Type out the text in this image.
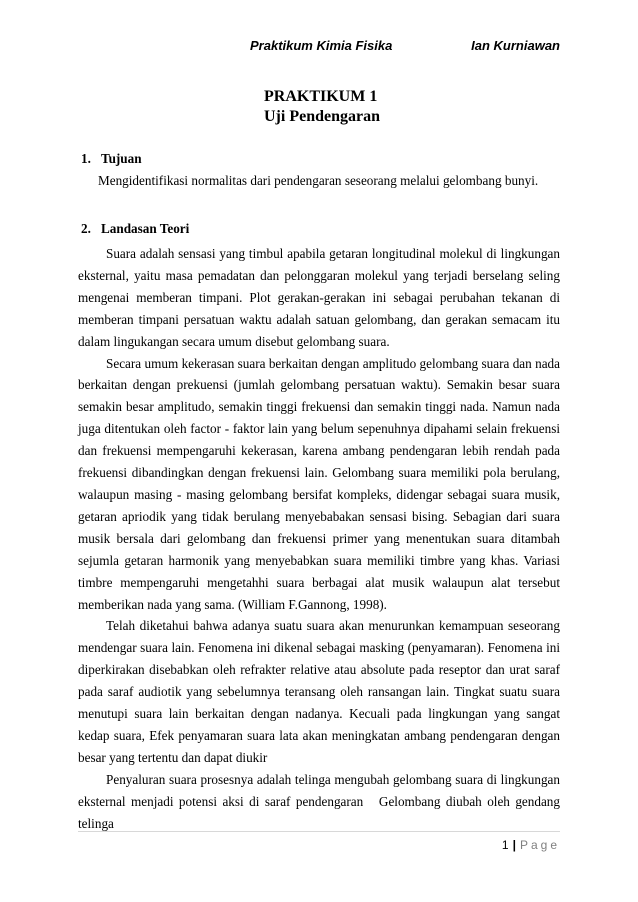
Praktikum Kimia Fisika	Ian Kurniawan
PRAKTIKUM 1
Uji Pendengaran

1. Tujuan

Mengidentifikasi normalitas dari pendengaran seseorang melalui gelombang bunyi.

2. Landasan Teori

Suara adalah sensasi yang timbul apabila getaran longitudinal molekul di lingkungan eksternal, yaitu masa pemadatan dan pelonggaran molekul yang terjadi berselang seling mengenai memberan timpani. Plot gerakan-gerakan ini sebagai perubahan tekanan di memberan timpani persatuan waktu adalah satuan gelombang, dan gerakan semacam itu dalam lingukangan secara umum disebut gelombang suara.

Secara umum kekerasan suara berkaitan dengan amplitudo gelombang suara dan nada berkaitan dengan prekuensi (jumlah gelombang persatuan waktu). Semakin besar suara semakin besar amplitudo, semakin tinggi frekuensi dan semakin tinggi nada. Namun nada juga ditentukan oleh factor - faktor lain yang belum sepenuhnya dipahami selain frekuensi dan frekuensi mempengaruhi kekerasan, karena ambang pendengaran lebih rendah pada frekuensi dibandingkan dengan frekuensi lain. Gelombang suara memiliki pola berulang, walaupun masing - masing gelombang bersifat kompleks, didengar sebagai suara musik, getaran apriodik yang tidak berulang menyebabakan sensasi bising. Sebagian dari suara musik bersala dari gelombang dan frekuensi primer yang menentukan suara ditambah sejumla getaran harmonik yang menyebabkan suara memiliki timbre yang khas. Variasi timbre mempengaruhi mengetahhi suara berbagai alat musik walaupun alat tersebut memberikan nada yang sama. (William F.Gannong, 1998).

Telah diketahui bahwa adanya suatu suara akan menurunkan kemampuan seseorang mendengar suara lain. Fenomena ini dikenal sebagai masking (penyamaran). Fenomena ini diperkirakan disebabkan oleh refrakter relative atau absolute pada reseptor dan urat saraf pada saraf audiotik yang sebelumnya teransang oleh ransangan lain. Tingkat suatu suara menutupi suara lain berkaitan dengan nadanya. Kecuali pada lingkungan yang sangat kedap suara, Efek penyamaran suara lata akan meningkatan ambang pendengaran dengan besar yang tertentu dan dapat diukir

Penyaluran suara prosesnya adalah telinga mengubah gelombang suara di lingkungan eksternal menjadi potensi aksi di saraf pendengaran Gelombang diubah oleh gendang telinga

1 | Page
